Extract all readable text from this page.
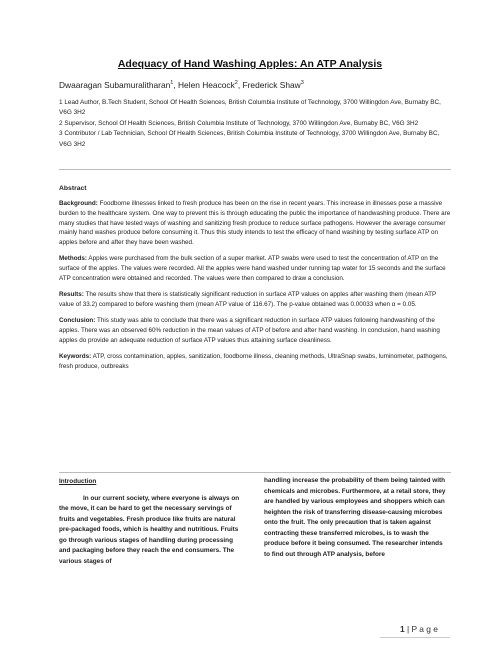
Adequacy of Hand Washing Apples: An ATP Analysis
Dwaaragan Subamuralitharan$^1$, Helen Heacock$^2$, Frederick Shaw$^3$
1 Lead Author, B.Tech Student, School Of Health Sciences, British Columbia Institute of Technology, 3700 Willingdon Ave, Burnaby BC, V6G 3H2
2 Supervisor, School Of Health Sciences, British Columbia Institute of Technology, 3700 Willingdon Ave, Burnaby BC, V6G 3H2
3 Contributor / Lab Technician, School Of Health Sciences, British Columbia Institute of Technology, 3700 Willingdon Ave, Burnaby BC, V6G 3H2
Abstract

Background: Foodborne illnesses linked to fresh produce has been on the rise in recent years. This increase in illnesses pose a massive burden to the healthcare system. One way to prevent this is through educating the public the importance of handwashing produce. There are many studies that have tested ways of washing and sanitizing fresh produce to reduce surface pathogens. However the average consumer mainly hand washes produce before consuming it. Thus this study intends to test the efficacy of hand washing by testing surface ATP on apples before and after they have been washed.

Methods: Apples were purchased from the bulk section of a super market. ATP swabs were used to test the concentration of ATP on the surface of the apples. The values were recorded. All the apples were hand washed under running tap water for 15 seconds and the surface ATP concentration were obtained and recorded. The values were then compared to draw a conclusion.

Results: The results show that there is statistically significant reduction in surface ATP values on apples after washing them (mean ATP value of 33.2) compared to before washing them (mean ATP value of 116.67). The p-value obtained was 0.00033 when α = 0.05.

Conclusion: This study was able to conclude that there was a significant reduction in surface ATP values following handwashing of the apples. There was an observed 60% reduction in the mean values of ATP of before and after hand washing. In conclusion, hand washing apples do provide an adequate reduction of surface ATP values thus attaining surface cleanliness.

Keywords: ATP, cross contamination, apples, sanitization, foodborne illness, cleaning methods, UltraSnap swabs, luminometer, pathogens, fresh produce, outbreaks

Introduction
In our current society, where everyone is always on the move, it can be hard to get the necessary servings of fruits and vegetables. Fresh produce like fruits are natural pre-packaged foods, which is healthy and nutritious. Fruits go through various stages of handling during processing and packaging before they reach the end consumers. The various stages of
handling increase the probability of them being tainted with chemicals and microbes. Furthermore, at a retail store, they are handled by various employees and shoppers which can heighten the risk of transferring disease-causing microbes onto the fruit. The only precaution that is taken against contracting these transferred microbes, is to wash the produce before it being consumed. The researcher intends to find out through ATP analysis, before
1 | P a g e
